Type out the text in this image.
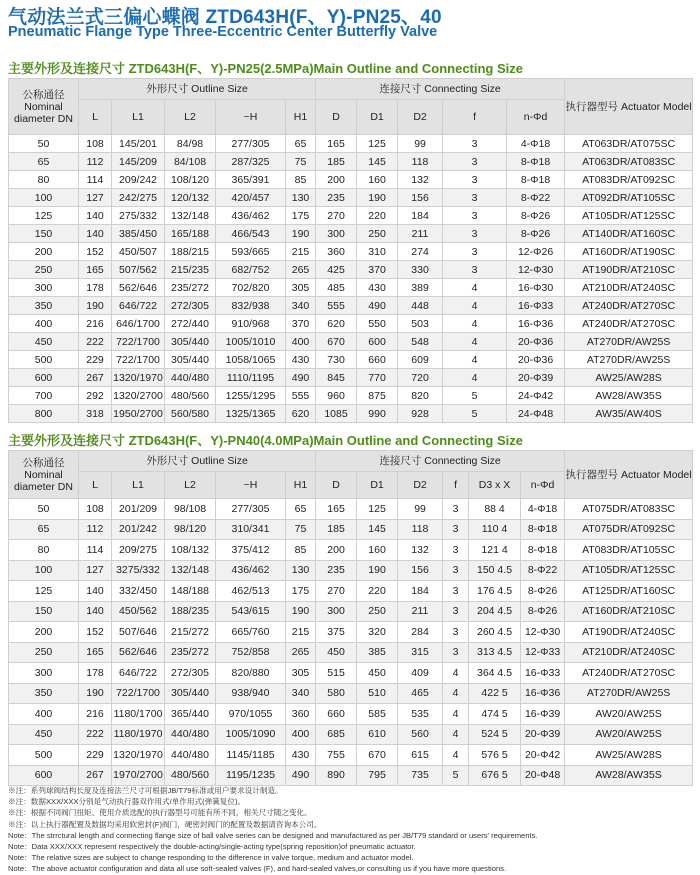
气动法兰式三偏心蝶阀 ZTD643H(F、Y)-PN25、40
Pneumatic Flange Type Three-Eccentric Center Butterfly Valve
主要外形及连接尺寸 ZTD643H(F、Y)-PN25(2.5MPa)Main Outline and Connecting Size
公称通径 Nominal diameter DN	外形尺寸 Outline Size					连接尺寸 Connecting Size					执行器型号 Actuator Model
	L	L1	L2	~H	H1	D	D1	D2	f	n-Φd	
50	108	145/201	84/98	277/305	65	165	125	99	3	4-Φ18	AT063DR/AT075SC
65	112	145/209	84/108	287/325	75	185	145	118	3	8-Φ18	AT063DR/AT083SC
80	114	209/242	108/120	365/391	85	200	160	132	3	8-Φ18	AT083DR/AT092SC
100	127	242/275	120/132	420/457	130	235	190	156	3	8-Φ22	AT092DR/AT105SC
125	140	275/332	132/148	436/462	175	270	220	184	3	8-Φ26	AT105DR/AT125SC
150	140	385/450	165/188	466/543	190	300	250	211	3	8-Φ26	AT140DR/AT160SC
200	152	450/507	188/215	593/665	215	360	310	274	3	12-Φ26	AT160DR/AT190SC
250	165	507/562	215/235	682/752	265	425	370	330	3	12-Φ30	AT190DR/AT210SC
300	178	562/646	235/272	702/820	305	485	430	389	4	16-Φ30	AT210DR/AT240SC
350	190	646/722	272/305	832/938	340	555	490	448	4	16-Φ33	AT240DR/AT270SC
400	216	646/1700	272/440	910/968	370	620	550	503	4	16-Φ36	AT240DR/AT270SC
450	222	722/1700	305/440	1005/1010	400	670	600	548	4	20-Φ36	AT270DR/AW25S
500	229	722/1700	305/440	1058/1065	430	730	660	609	4	20-Φ36	AT270DR/AW25S
600	267	1320/1970	440/480	1110/1195	490	845	770	720	4	20-Φ39	AW25/AW28S
700	292	1320/2700	480/560	1255/1295	555	960	875	820	5	24-Φ42	AW28/AW35S
800	318	1950/2700	560/580	1325/1365	620	1085	990	928	5	24-Φ48	AW35/AW40S
主要外形及连接尺寸 ZTD643H(F、Y)-PN40(4.0MPa)Main Outline and Connecting Size
公称通径 Nominal diameter DN	外形尺寸 Outline Size					连接尺寸 Connecting Size						执行器型号 Actuator Model
	L	L1	L2	~H	H1	D	D1	D2	f	D3 x X	n-Φd	
50	108	201/209	98/108	277/305	65	165	125	99	3	88 4	4-Φ18	AT075DR/AT083SC
65	112	201/242	98/120	310/341	75	185	145	118	3	110 4	8-Φ18	AT075DR/AT092SC
80	114	209/275	108/132	375/412	85	200	160	132	3	121 4	8-Φ18	AT083DR/AT105SC
100	127	3275/332	132/148	436/462	130	235	190	156	3	150 4.5	8-Φ22	AT105DR/AT125SC
125	140	332/450	148/188	462/513	175	270	220	184	3	176 4.5	8-Φ26	AT125DR/AT160SC
150	140	450/562	188/235	543/615	190	300	250	211	3	204 4.5	8-Φ26	AT160DR/AT210SC
200	152	507/646	215/272	665/760	215	375	320	284	3	260 4.5	12-Φ30	AT190DR/AT240SC
250	165	562/646	235/272	752/858	265	450	385	315	3	313 4.5	12-Φ33	AT210DR/AT240SC
300	178	646/722	272/305	820/880	305	515	450	409	4	364 4.5	16-Φ33	AT240DR/AT270SC
350	190	722/1700	305/440	938/940	340	580	510	465	4	422 5	16-Φ36	AT270DR/AW25S
400	216	1180/1700	365/440	970/1055	360	660	585	535	4	474 5	16-Φ39	AW20/AW25S
450	222	1180/1970	440/480	1005/1090	400	685	610	560	4	524 5	20-Φ39	AW20/AW25S
500	229	1320/1970	440/480	1145/1185	430	755	670	615	4	576 5	20-Φ42	AW25/AW28S
600	267	1970/2700	480/560	1195/1235	490	890	795	735	5	676 5	20-Φ48	AW28/AW35S
※注：系列球阀结构长度及连接法兰尺寸可根据JB/T79标准或用户要求设计制造。
※注：数据XXX/XXX分别是气动执行器双作用式/单作用式(弹簧复位)。
※注：根据不同阀门扭矩、使用介质选配的执行器型号可能有所不同，相关尺寸随之变化。
※注：以上执行器配置及数据均采用软密封(F)阀门，硬密封阀门的配置及数据请咨询本公司。
Note：The strrctural length and connecting flange size of ball valve series can be designed and manufactured as per JB/T79 standard or users' requirements.
Note：Data XXX/XXX represent respectively the double-acting/single-acting type(spring reposition)of pneumatic actuator.
Note：The relative sizes are subject to change responding to the difference in valve torque, medium and actuator model.
Note：The above actuator configuration and data all use soft-sealed valves (F), and hard-sealed valves,or consulting us if you have more questions.
